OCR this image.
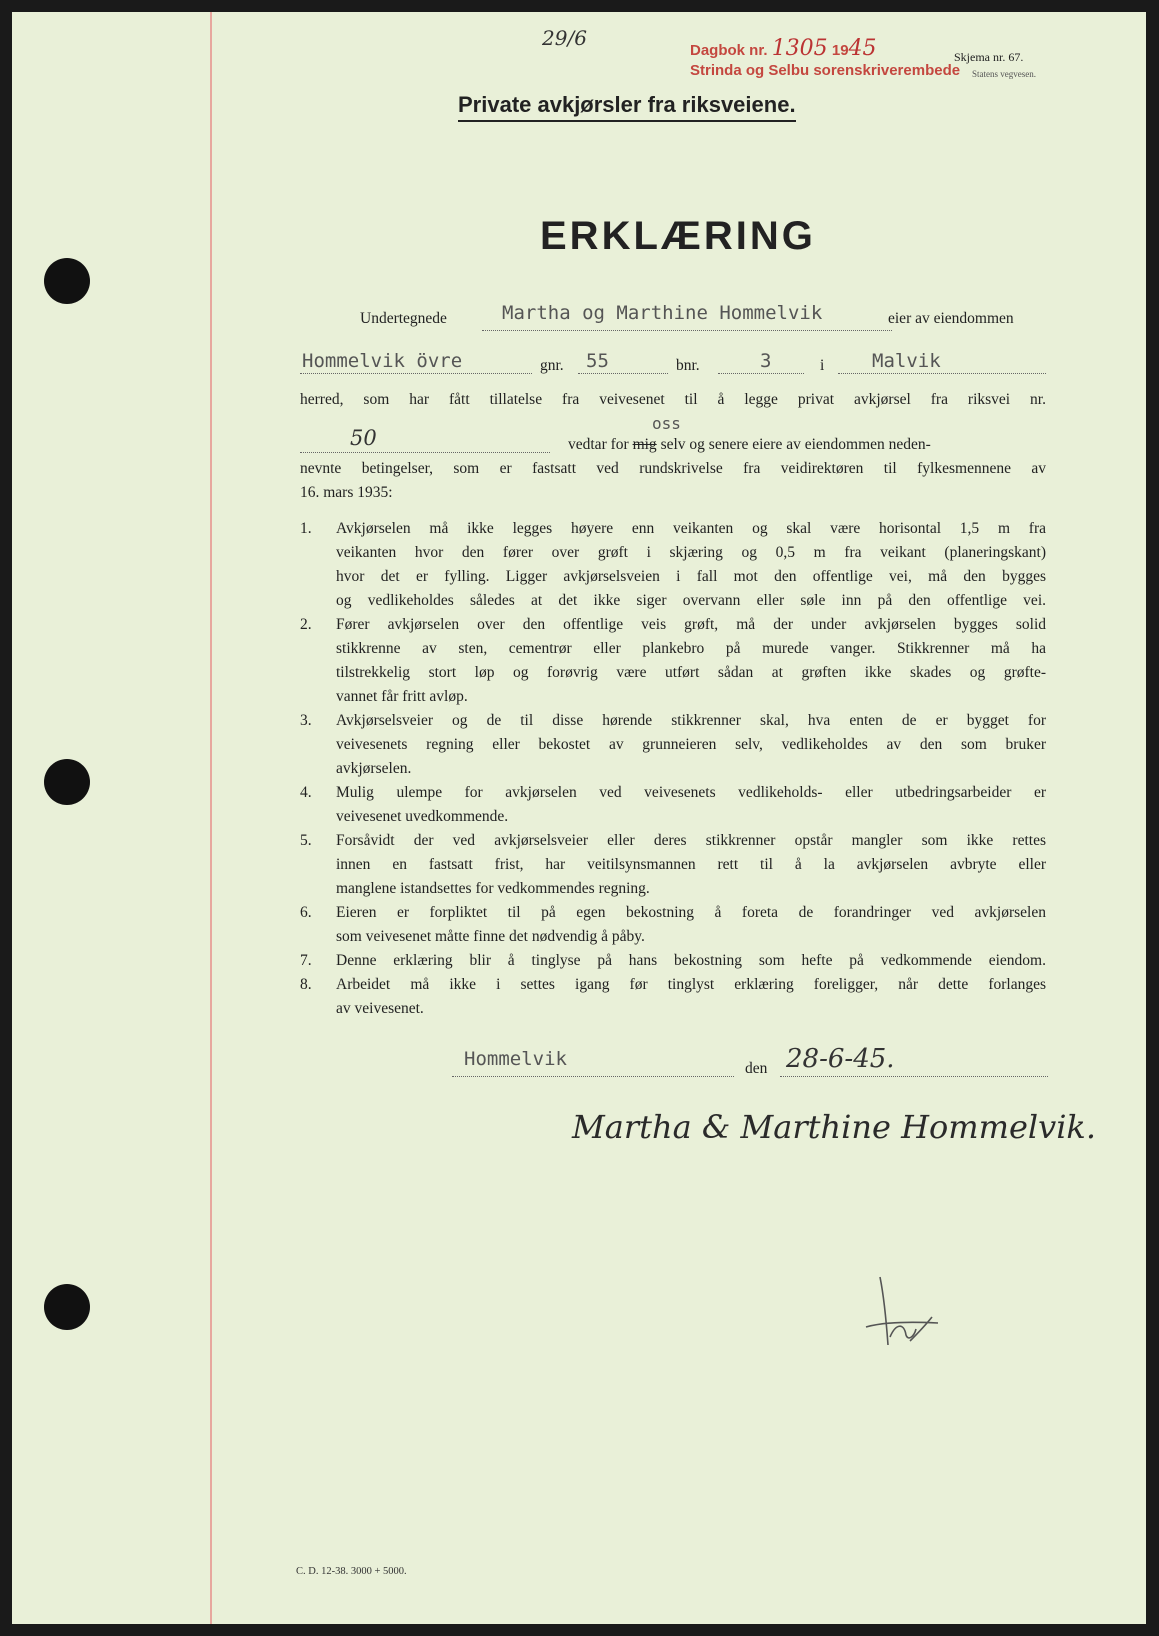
29/6
Dagbok nr. 1305 1945
Strinda og Selbu sorenskriverembede
Skjema nr. 67.
Statens vegvesen.
Private avkjørsler fra riksveiene.
ERKLÆRING
Undertegnede	Martha og Marthine Hommelvik	eier av eiendommen
Hommelvik övre	gnr. 55	bnr.	3	i	Malvik
herred, som har fått tillatelse fra veivesenet til å legge privat avkjørsel fra riksvei nr.
50
oss
vedtar for mig selv og senere eiere av eiendommen neden-
nevnte betingelser, som er fastsatt ved rundskrivelse fra veidirektøren til fylkesmennene av
16. mars 1935:
1. Avkjørselen må ikke legges høyere enn veikanten og skal være horisontal 1,5 m fra
veikanten hvor den fører over grøft i skjæring og 0,5 m fra veikant (planeringskant)
hvor det er fylling. Ligger avkjørselsveien i fall mot den offentlige vei, må den bygges
og vedlikeholdes således at det ikke siger overvann eller søle inn på den offentlige vei.
2. Fører avkjørselen over den offentlige veis grøft, må der under avkjørselen bygges solid
stikkrenne av sten, cementrør eller plankebro på murede vanger. Stikkrenner må ha
tilstrekkelig stort løp og forøvrig være utført sådan at grøften ikke skades og grøfte-
vannet får fritt avløp.
3. Avkjørselsveier og de til disse hørende stikkrenner skal, hva enten de er bygget for
veivesenets regning eller bekostet av grunneieren selv, vedlikeholdes av den som bruker
avkjørselen.
4. Mulig ulempe for avkjørselen ved veivesenets vedlikeholds- eller utbedringsarbeider er
veivesenet uvedkommende.
5. Forsåvidt der ved avkjørselsveier eller deres stikkrenner opstår mangler som ikke rettes
innen en fastsatt frist, har veitilsynsmannen rett til å la avkjørselen avbryte eller
manglene istandsettes for vedkommendes regning.
6. Eieren er forpliktet til på egen bekostning å foreta de forandringer ved avkjørselen
som veivesenet måtte finne det nødvendig å påby.
7. Denne erklæring blir å tinglyse på hans bekostning som hefte på vedkommende eiendom.
8. Arbeidet må ikke i settes igang før tinglyst erklæring foreligger, når dette forlanges
av veivesenet.
Hommelvik	den 28-6-45.
Martha & Marthine Hommelvik.
C. D. 12-38. 3000 + 5000.
